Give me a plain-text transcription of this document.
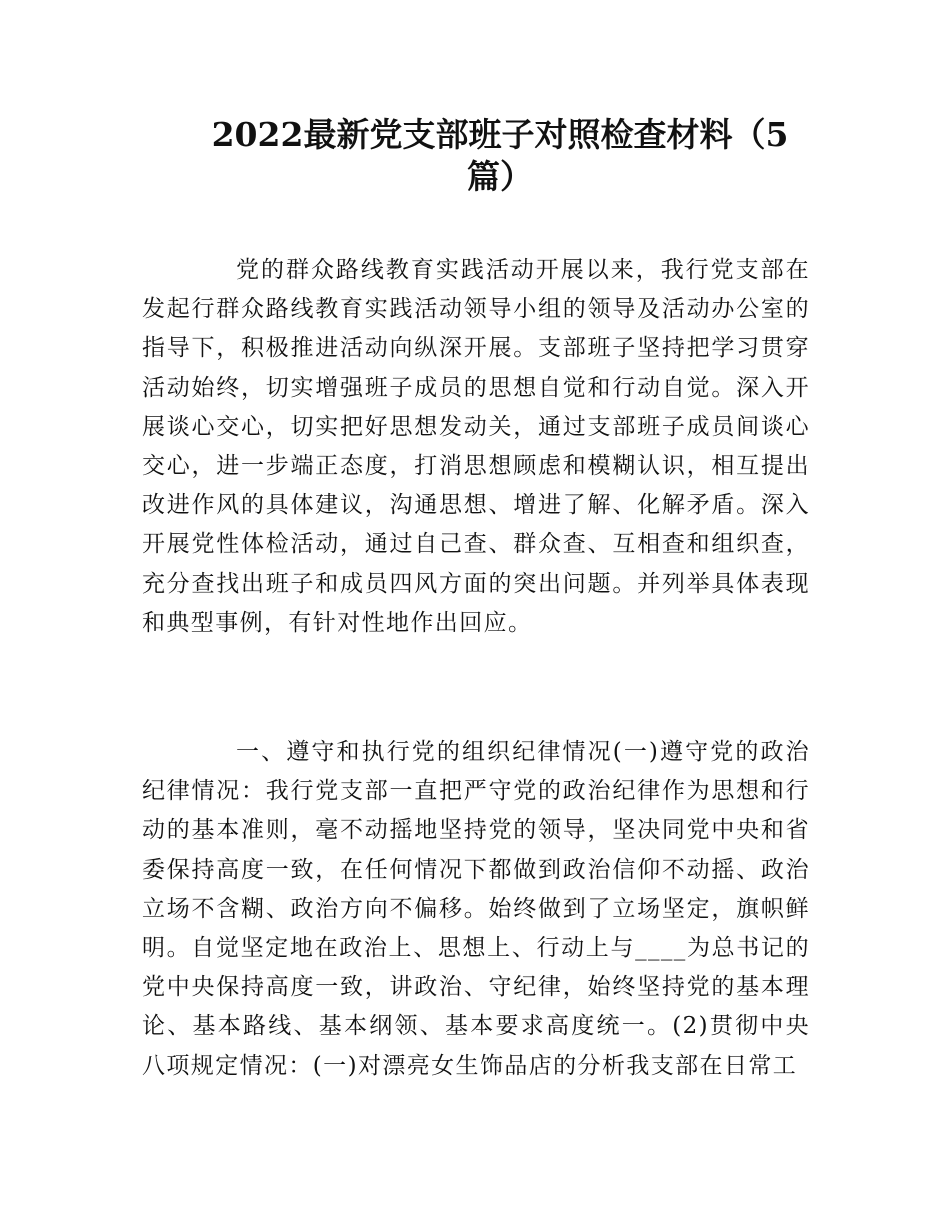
2022最新党支部班子对照检查材料（5篇）

党的群众路线教育实践活动开展以来，我行党支部在发起行群众路线教育实践活动领导小组的领导及活动办公室的指导下，积极推进活动向纵深开展。支部班子坚持把学习贯穿活动始终，切实增强班子成员的思想自觉和行动自觉。深入开展谈心交心，切实把好思想发动关，通过支部班子成员间谈心交心，进一步端正态度，打消思想顾虑和模糊认识，相互提出改进作风的具体建议，沟通思想、增进了解、化解矛盾。深入开展党性体检活动，通过自己查、群众查、互相查和组织查，充分查找出班子和成员四风方面的突出问题。并列举具体表现和典型事例，有针对性地作出回应。

一、遵守和执行党的组织纪律情况(一)遵守党的政治纪律情况：我行党支部一直把严守党的政治纪律作为思想和行动的基本准则，毫不动摇地坚持党的领导，坚决同党中央和省委保持高度一致，在任何情况下都做到政治信仰不动摇、政治立场不含糊、政治方向不偏移。始终做到了立场坚定，旗帜鲜明。自觉坚定地在政治上、思想上、行动上与____为总书记的党中央保持高度一致，讲政治、守纪律，始终坚持党的基本理论、基本路线、基本纲领、基本要求高度统一。(2)贯彻中央八项规定情况：(一)对漂亮女生饰品店的分析我支部在日常工
